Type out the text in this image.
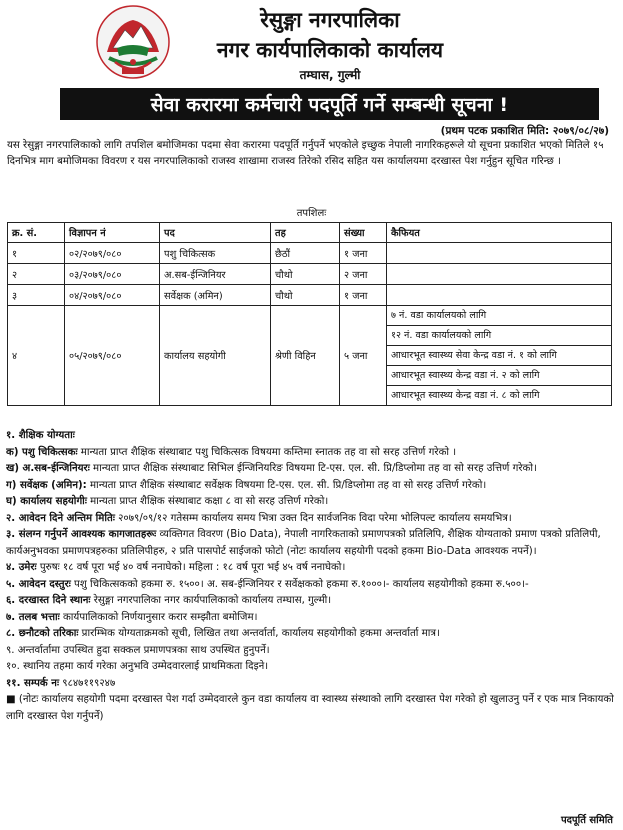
रेसुङ्गा नगरपालिका
नगर कार्यपालिकाको कार्यालय
तम्घास, गुल्मी
सेवा करारमा कर्मचारी पदपूर्ति गर्ने सम्बन्धी सूचना !
(प्रथम पटक प्रकाशित मिति: २०७९/०८/२७)
यस रेसुङ्गा नगरपालिकाको लागि तपशिल बमोजिमका पदमा सेवा करारमा पदपूर्ति गर्नुपर्ने भएकोले इच्छुक नेपाली नागरिकहरूले यो सूचना प्रकाशित भएको मितिले १५ दिनभित्र माग बमोजिमका विवरण र यस नगरपालिकाको राजस्व शाखामा राजस्व तिरेको रसिद सहित यस कार्यालयमा दरखास्त पेश गर्नुहुन सूचित गरिन्छ ।
तपशिलः
क्र. सं.	विज्ञापन नं	पद	तह	संख्या	कैफियत
१	०२/२०७९/०८०	पशु चिकित्सक	छैठौं	१ जना	
२	०३/२०७९/०८०	अ.सब-ईन्जिनियर	चौथो	२ जना	
३	०४/२०७९/०८०	सर्वेक्षक (अमिन)	चौथो	१ जना	
४	०५/२०७९/०८०	कार्यालय सहयोगी	श्रेणी विहिन	५ जना	७ नं. वडा कार्यालयको लागि
१२ नं. वडा कार्यालयको लागि
आधारभूत स्वास्थ्य सेवा केन्द्र वडा नं. १ को लागि
आधारभूत स्वास्थ्य केन्द्र वडा नं. २ को लागि
आधारभूत स्वास्थ्य केन्द्र वडा नं. ८ को लागि
१. शैक्षिक योग्यताः
क) पशु चिकित्सकः मान्यता प्राप्त शैक्षिक संस्थाबाट पशु चिकित्सक विषयमा कम्तिमा स्नातक तह वा सो सरह उत्तिर्ण गरेको ।
ख) अ.सब-ईन्जिनियरः मान्यता प्राप्त शैक्षिक संस्थाबाट सिभिल ईन्जिनियरिङ विषयमा टि-एस. एल. सी. प्रि/डिप्लोमा तह वा सो सरह उत्तिर्ण गरेको।
ग) सर्वेक्षक (अमिन): मान्यता प्राप्त शैक्षिक संस्थाबाट सर्वेक्षक विषयमा टि-एस. एल. सी. प्रि/डिप्लोमा तह वा सो सरह उत्तिर्ण गरेको।
घ) कार्यालय सहयोगीः मान्यता प्राप्त शैक्षिक संस्थाबाट कक्षा ८ वा सो सरह उत्तिर्ण गरेको।
२. आवेदन दिने अन्तिम मितिः २०७९/०९/१२ गतेसम्म कार्यालय समय भित्रा उक्त दिन सार्वजनिक विदा परेमा भोलिपल्ट कार्यालय समयभित्र।
३. संलग्न गर्नुपर्ने आवश्यक कागजातहरूः व्यक्तिगत विवरण (Bio Data), नेपाली नागरिकताको प्रमाणपत्रको प्रतिलिपि, शैक्षिक योग्यताको प्रमाण पत्रको प्रतिलिपी, कार्यअनुभवका प्रमाणपत्रहरुका प्रतिलिपीहरु, २ प्रति पासपोर्ट साईजको फोटो (नोटः कार्यालय सहयोगी पदको हकमा Bio-Data आवश्यक नपर्ने)।
४. उमेरः पुरुषः १८ वर्ष पूरा भई ४० वर्ष ननाघेको। महिला : १८ वर्ष पूरा भई ४५ वर्ष ननाघेको।
५. आवेदन दस्तुरः पशु चिकित्सकको हकमा रु. १५००। अ. सब-ईन्जिनियर र सर्वेक्षकको हकमा रु.१०००।- कार्यालय सहयोगीको हकमा रु.५००।-
६. दरखास्त दिने स्थानः रेसुङ्गा नगरपालिका नगर कार्यपालिकाको कार्यालय तम्घास, गुल्मी।
७. तलब भत्ताः कार्यपालिकाको निर्णयानुसार करार सम्झौता बमोजिम।
८. छनौटको तरिकाः प्रारम्भिक योग्यताक्रमको सूची, लिखित तथा अन्तर्वार्ता, कार्यालय सहयोगीको हकमा अन्तर्वार्ता मात्र।
९. अन्तर्वार्तामा उपस्थित हुदा सक्कल प्रमाणपत्रका साथ उपस्थित हुनुपर्ने।
१०. स्थानिय तहमा कार्य गरेका अनुभवि उम्मेदवारलाई प्राथमिकता दिइने।
११. सम्पर्क नः ९८४७११९२४७
■ (नोटः कार्यालय सहयोगी पदमा दरखास्त पेश गर्दा उम्मेदवारले कुन वडा कार्यालय वा स्वास्थ्य संस्थाको लागि दरखास्त पेश गरेको हो खुलाउनु पर्ने र एक मात्र निकायको लागि दरखास्त पेश गर्नुपर्ने)
पदपूर्ति समिति
